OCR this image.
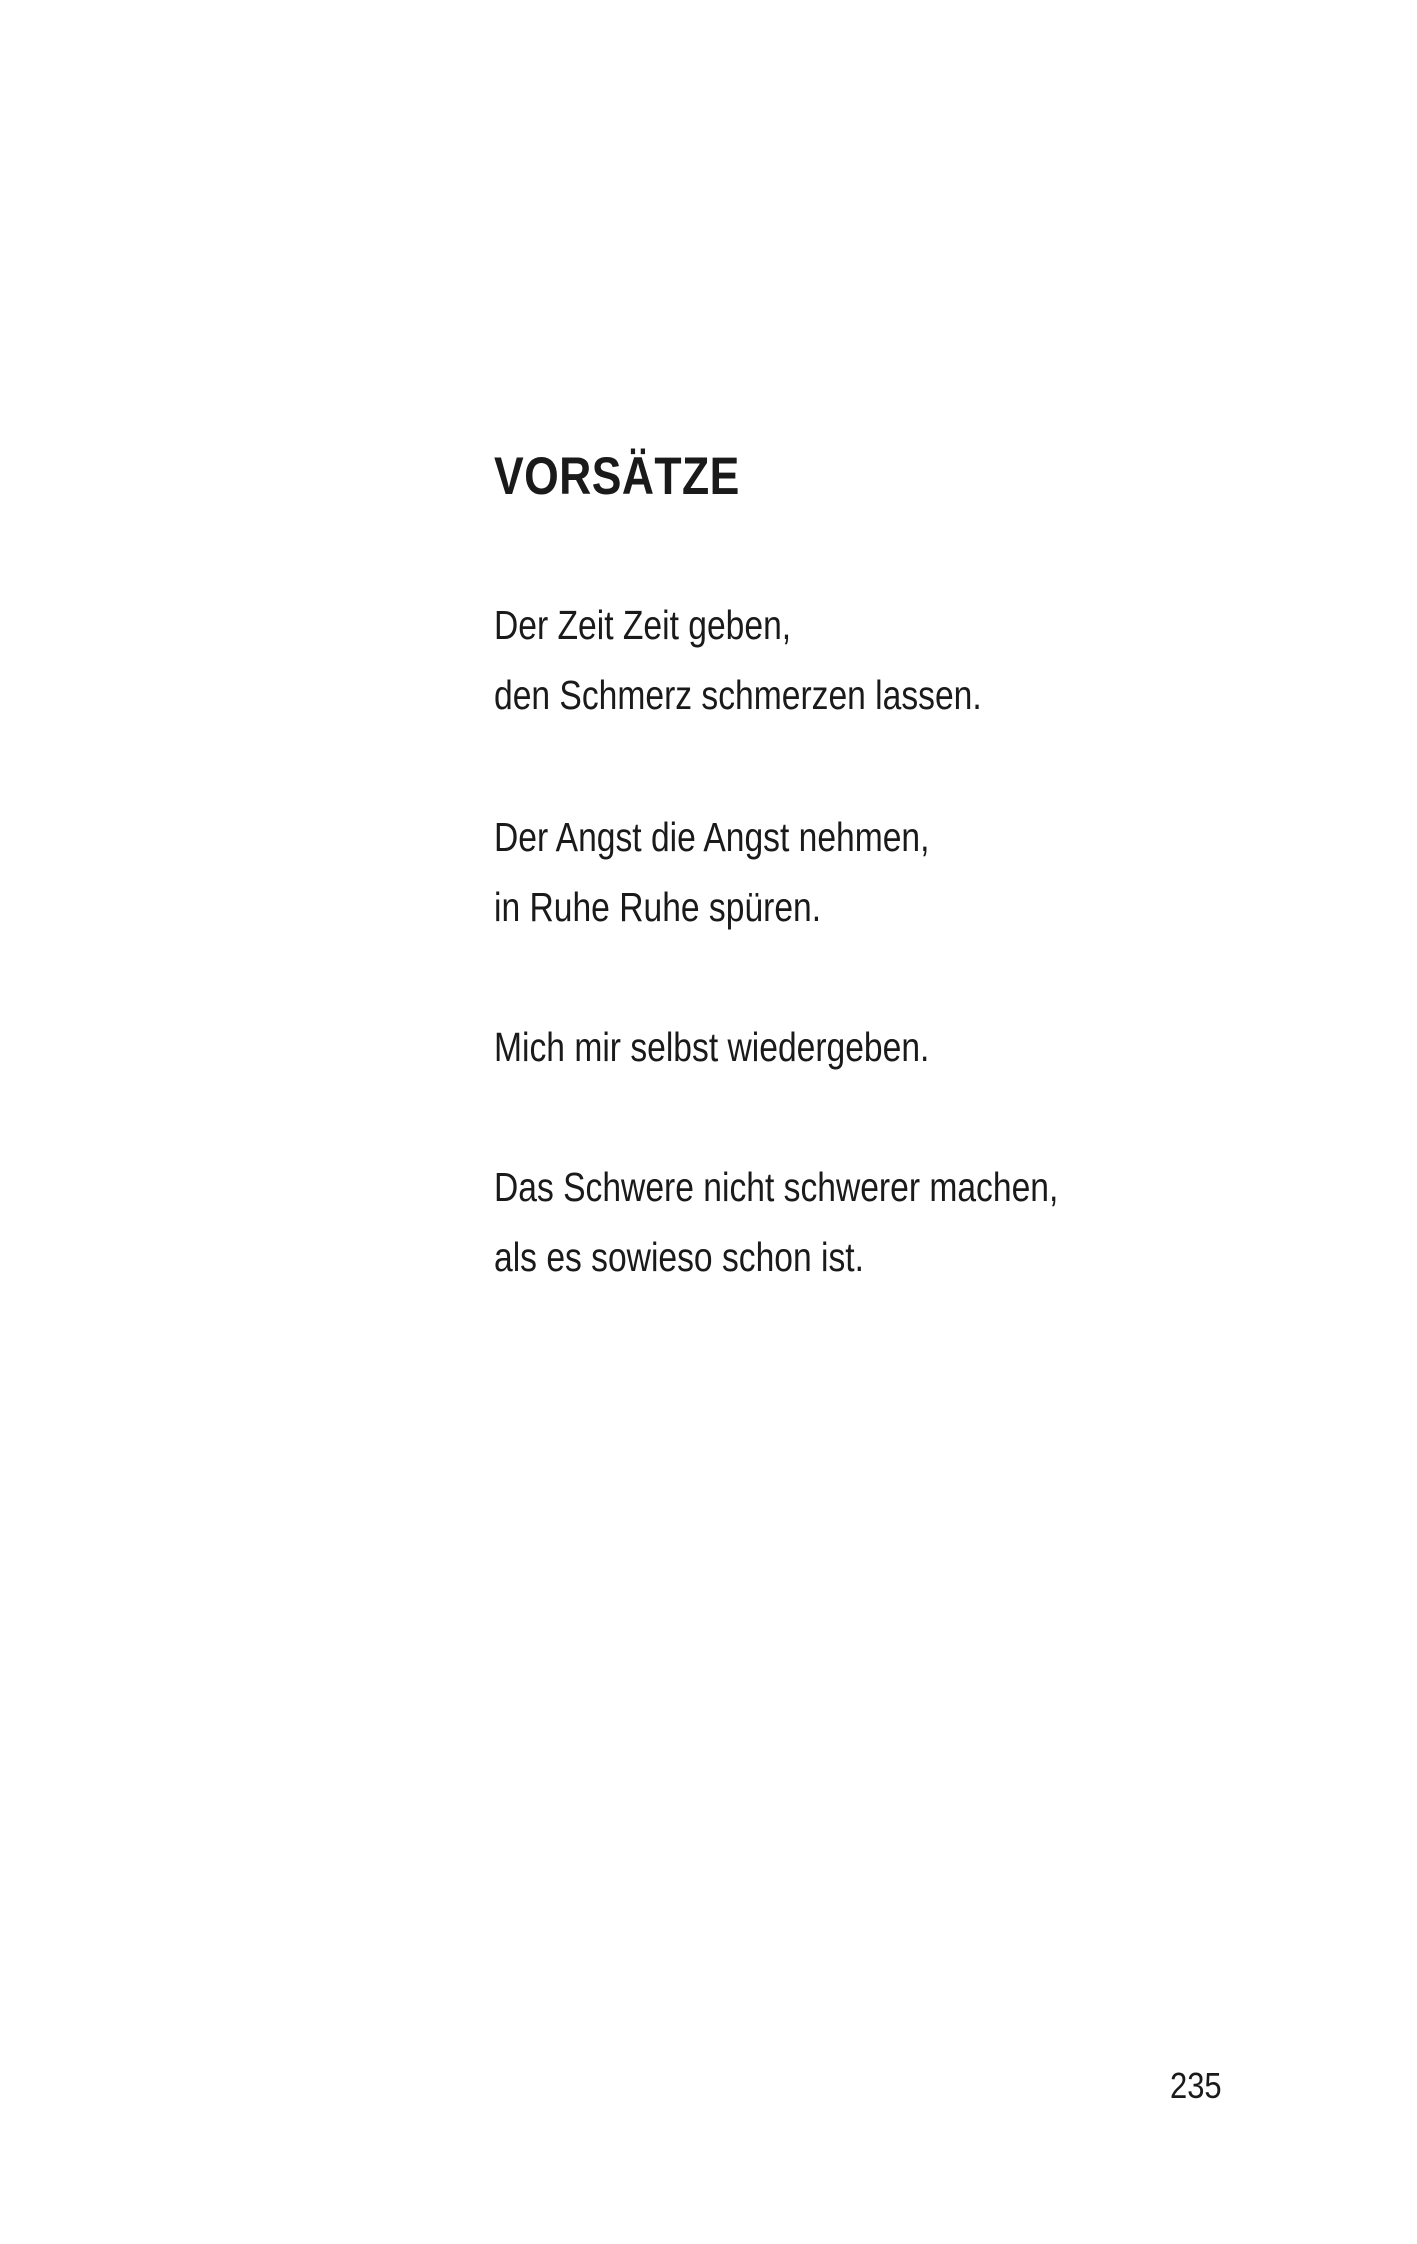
VORSÄTZE

Der Zeit Zeit geben,
den Schmerz schmerzen lassen.

Der Angst die Angst nehmen,
in Ruhe Ruhe spüren.

Mich mir selbst wiedergeben.

Das Schwere nicht schwerer machen,
als es sowieso schon ist.

235
